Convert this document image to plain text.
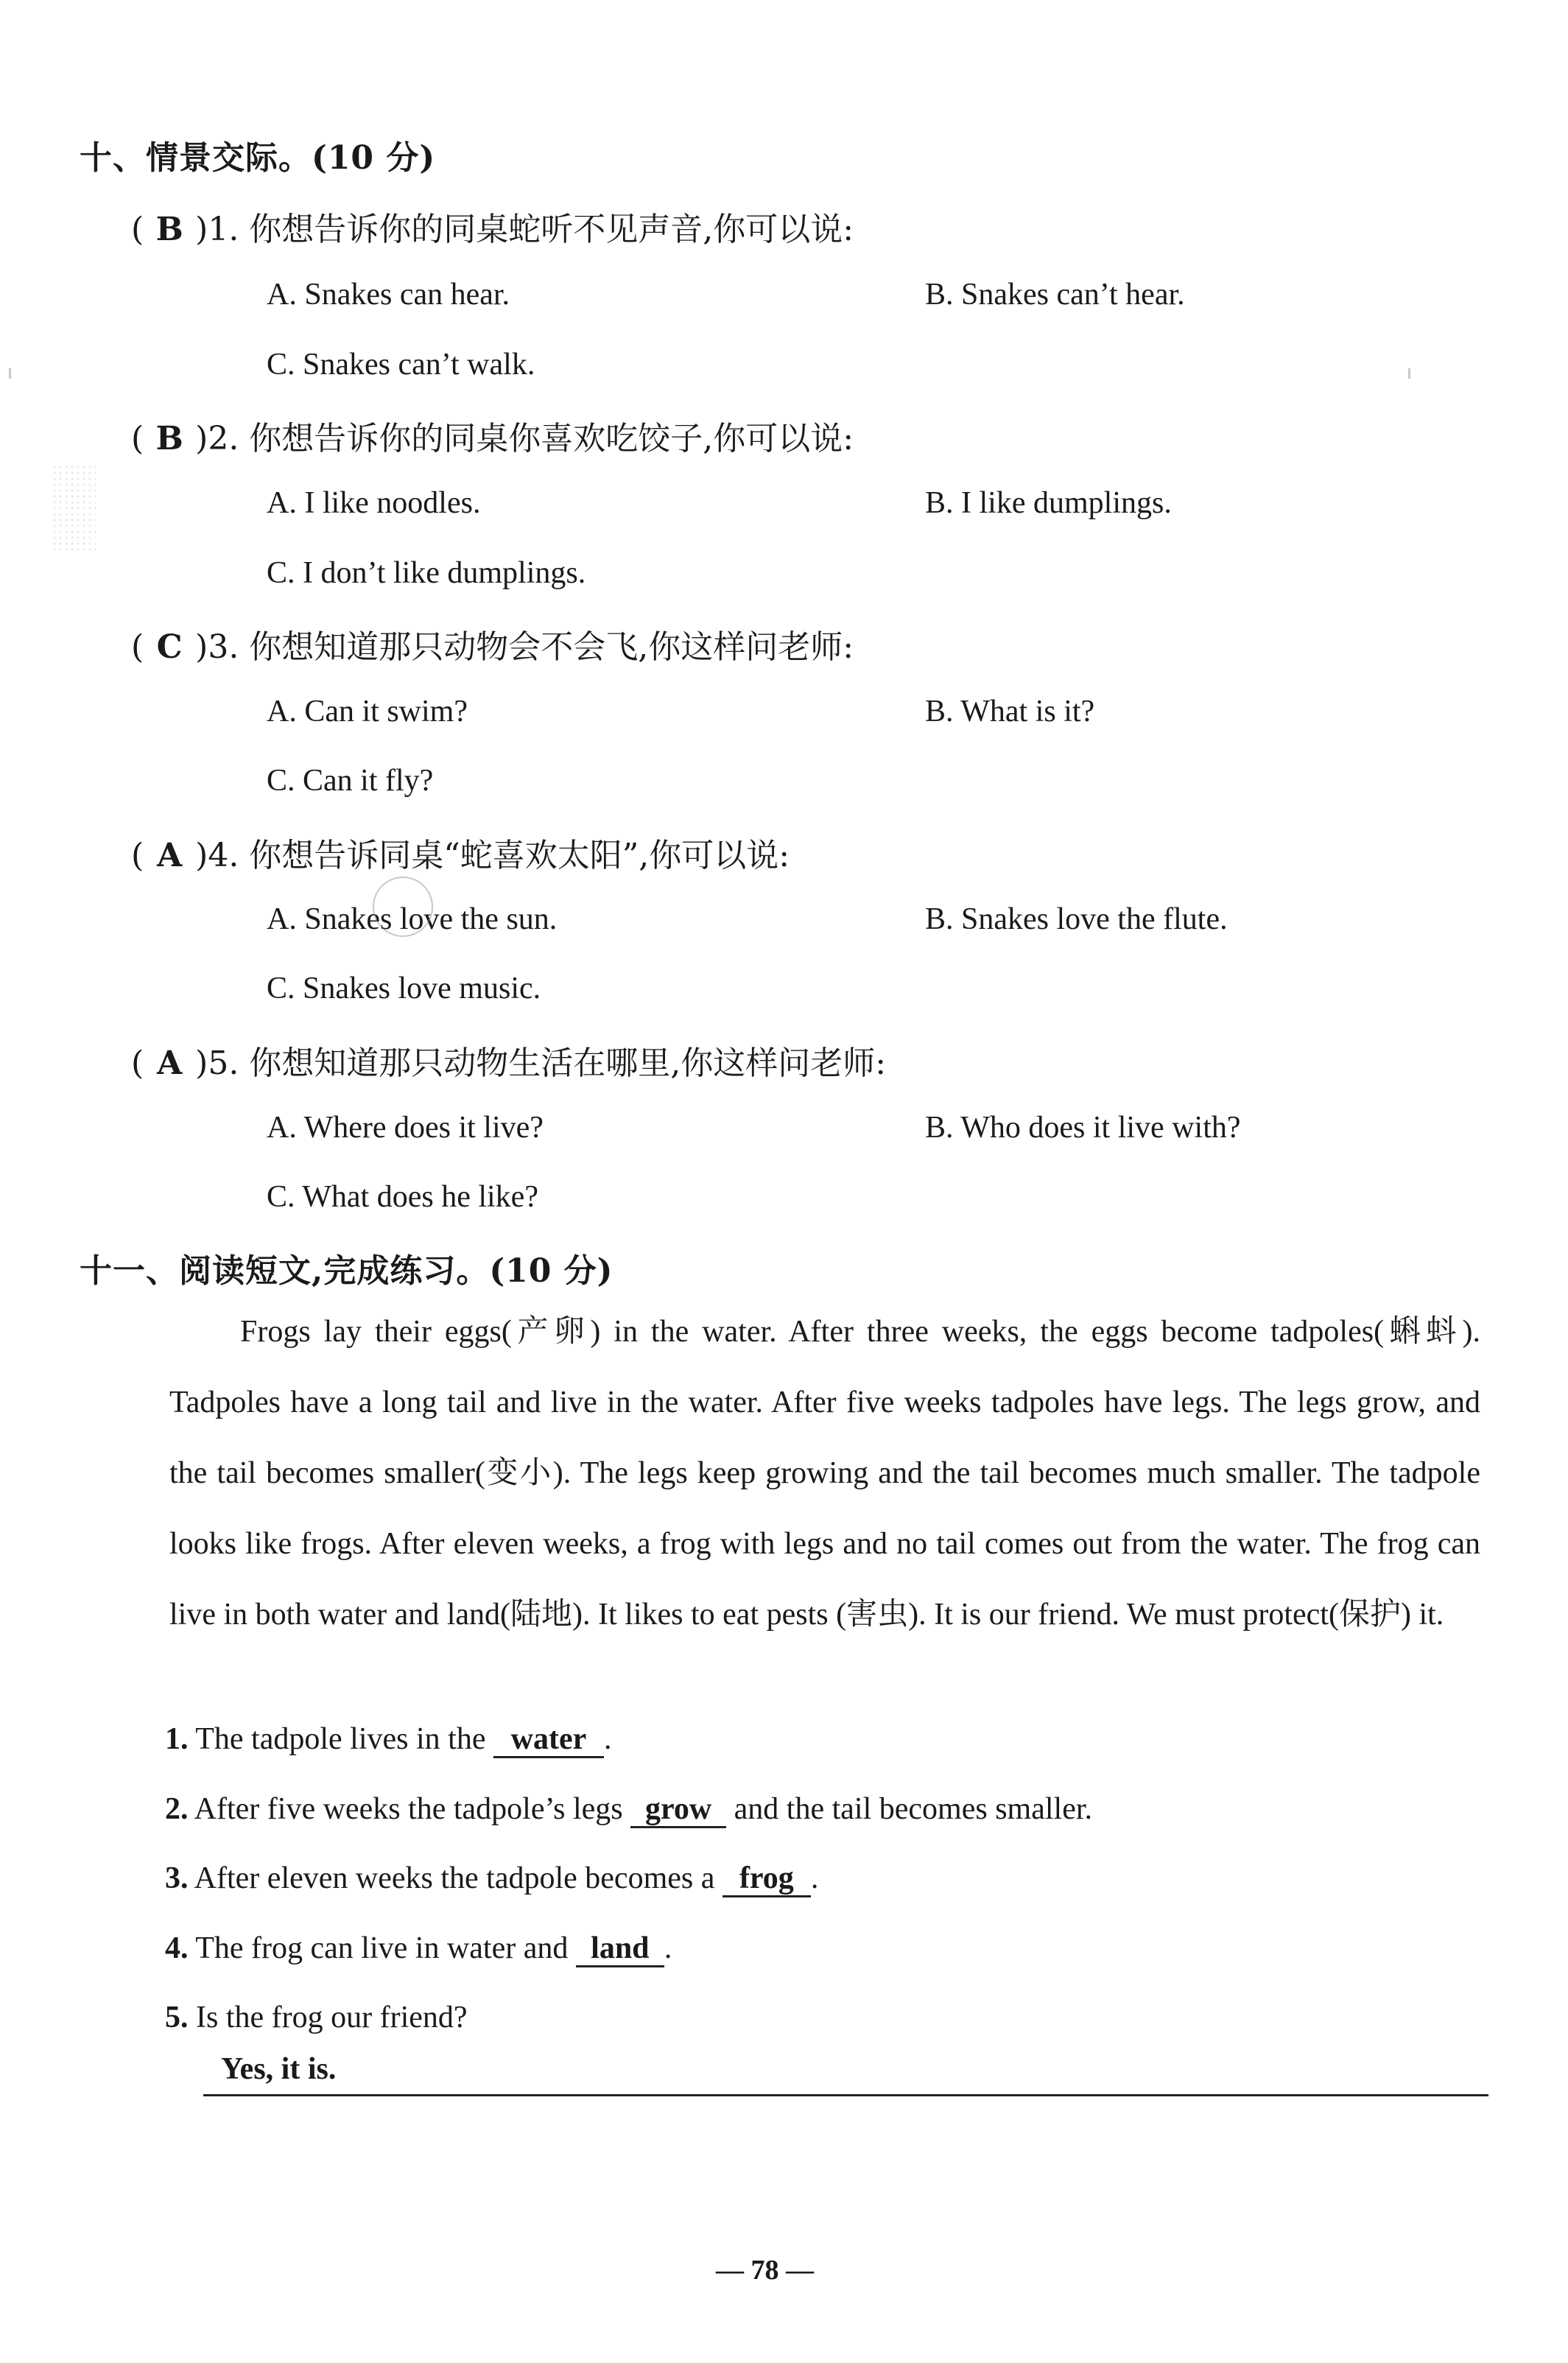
十、情景交际。(10 分)
( B )1. 你想告诉你的同桌蛇听不见声音,你可以说:
A. Snakes can hear.	B. Snakes can’t hear.
C. Snakes can’t walk.
( B )2. 你想告诉你的同桌你喜欢吃饺子,你可以说:
A. I like noodles.	B. I like dumplings.
C. I don’t like dumplings.
( C )3. 你想知道那只动物会不会飞,你这样问老师:
A. Can it swim?	B. What is it?
C. Can it fly?
( A )4. 你想告诉同桌“蛇喜欢太阳”,你可以说:
A. Snakes love the sun.	B. Snakes love the flute.
C. Snakes love music.
( A )5. 你想知道那只动物生活在哪里,你这样问老师:
A. Where does it live?	B. Who does it live with?
C. What does he like?
十一、阅读短文,完成练习。(10 分)
Frogs lay their eggs(产卵) in the water. After three weeks, the eggs become tadpoles(蝌蚪). Tadpoles have a long tail and live in the water. After five weeks tadpoles have legs. The legs grow, and the tail becomes smaller(变小). The legs keep growing and the tail becomes much smaller. The tadpole looks like frogs. After eleven weeks, a frog with legs and no tail comes out from the water. The frog can live in both water and land(陆地). It likes to eat pests (害虫). It is our friend. We must protect(保护) it.
1. The tadpole lives in the water .
2. After five weeks the tadpole’s legs grow and the tail becomes smaller.
3. After eleven weeks the tadpole becomes a frog .
4. The frog can live in water and land .
5. Is the frog our friend?
Yes, it is.
— 78 —
